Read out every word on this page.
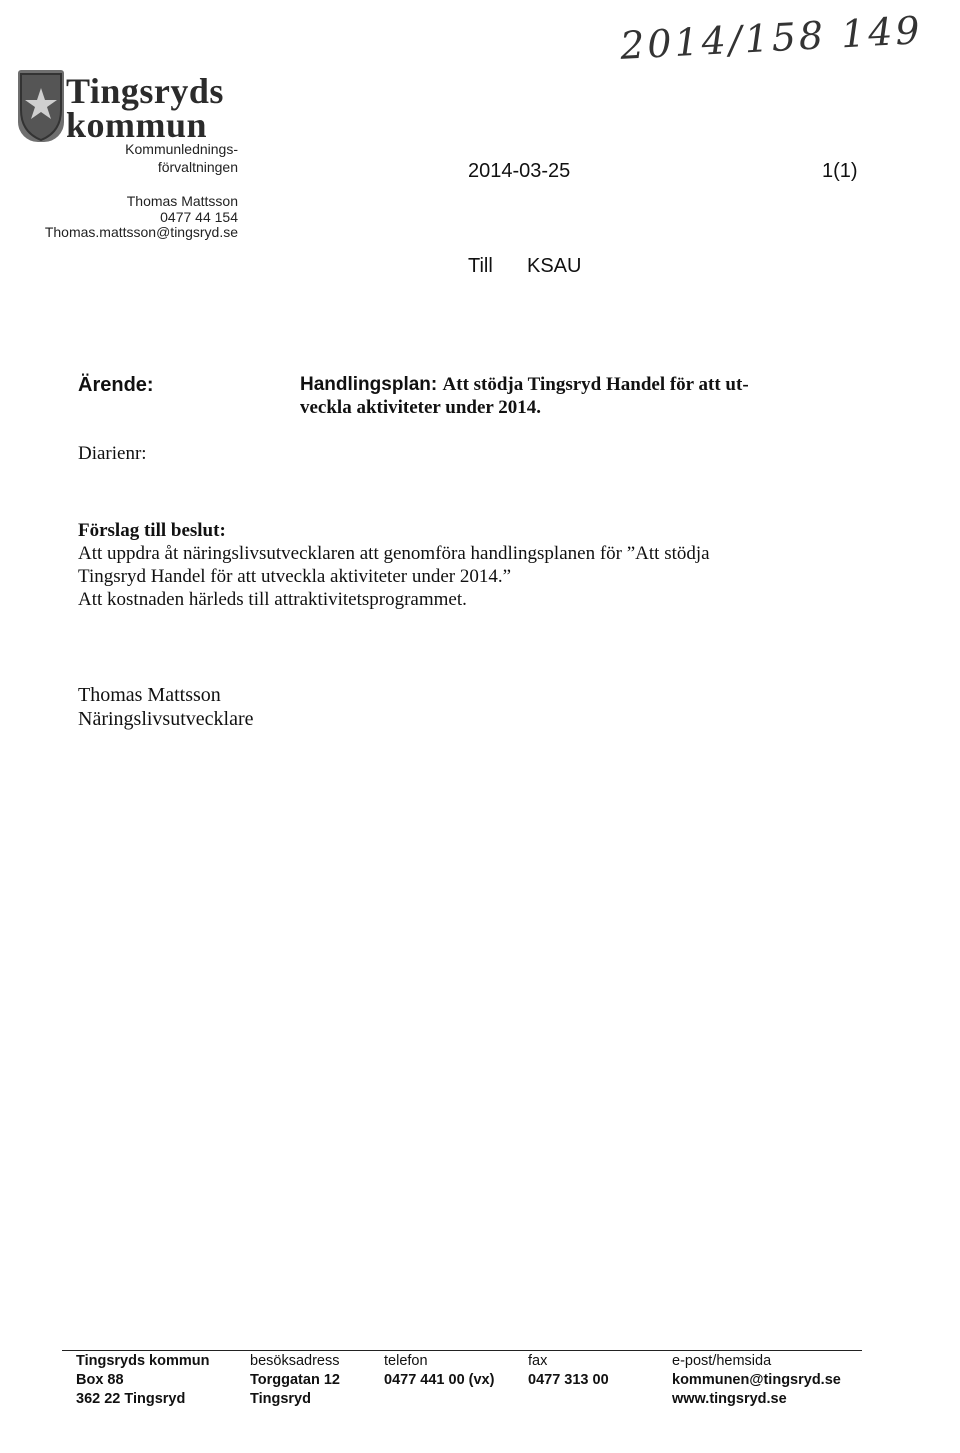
2014/158 149
Tingsryds
kommun
Kommunlednings-
förvaltningen
Thomas Mattsson
0477 44 154
Thomas.mattsson@tingsryd.se
2014-03-25	1(1)
Till KSAU
Ärende:	Handlingsplan: Att stödja Tingsryd Handel för att ut-
veckla aktiviteter under 2014.
Diarienr:
Förslag till beslut:
Att uppdra åt näringslivsutvecklaren att genomföra handlingsplanen för ”Att stödja
Tingsryd Handel för att utveckla aktiviteter under 2014.”
Att kostnaden härleds till attraktivitetsprogrammet.
Thomas Mattsson
Näringslivsutvecklare
Tingsryds kommun
Box 88
362 22 Tingsryd
besöksadress
Torggatan 12
Tingsryd
telefon
0477 441 00 (vx)
fax
0477 313 00
e-post/hemsida
kommunen@tingsryd.se
www.tingsryd.se
